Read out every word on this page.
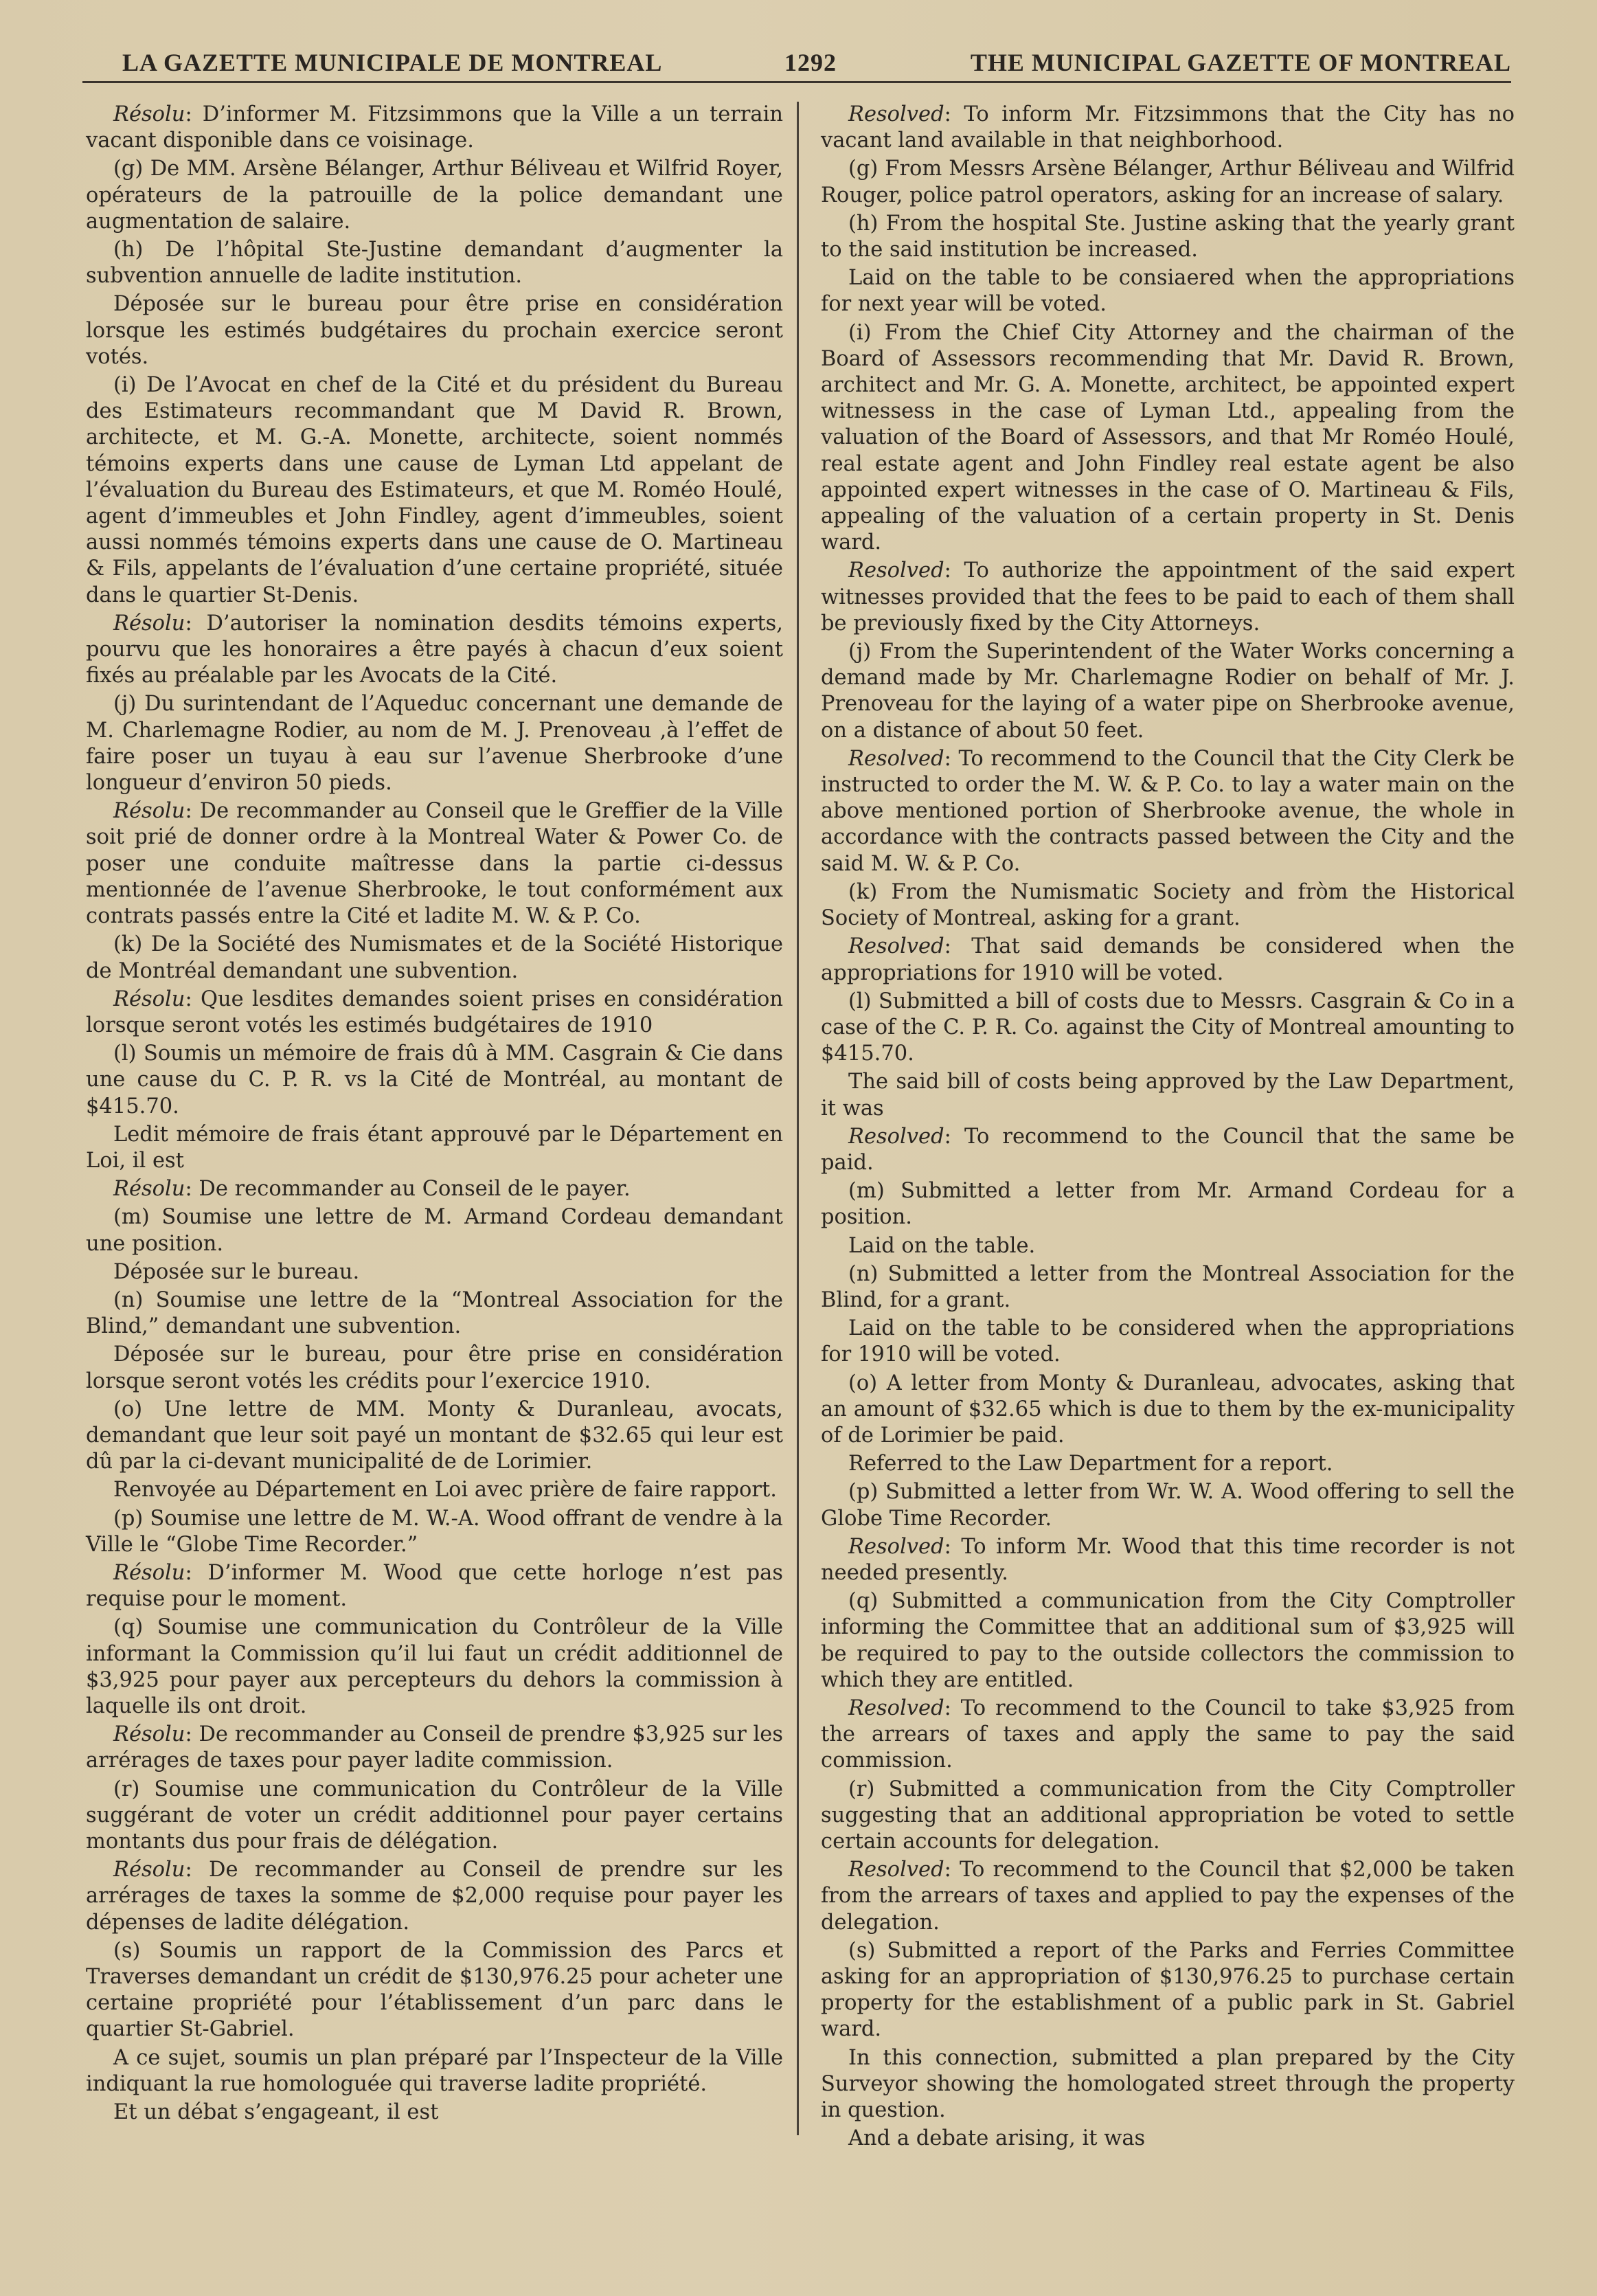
LA GAZETTE MUNICIPALE DE MONTREAL	1292	THE MUNICIPAL GAZETTE OF MONTREAL

Résolu: D’informer M. Fitzsimmons que la Ville a un terrain vacant disponible dans ce voisinage.

(g) De MM. Arsène Bélanger, Arthur Béliveau et Wilfrid Royer, opérateurs de la patrouille de la police demandant une augmentation de salaire.

(h) De l’hôpital Ste-Justine demandant d’augmenter la subvention annuelle de ladite institution.

Déposée sur le bureau pour être prise en considération lorsque les estimés budgétaires du prochain exercice seront votés.

(i) De l’Avocat en chef de la Cité et du président du Bureau des Estimateurs recommandant que M David R. Brown, architecte, et M. G.-A. Monette, architecte, soient nommés témoins experts dans une cause de Lyman Ltd appelant de l’évaluation du Bureau des Estimateurs, et que M. Roméo Houlé, agent d’immeubles et John Findley, agent d’immeubles, soient aussi nommés témoins experts dans une cause de O. Martineau & Fils, appelants de l’évaluation d’une certaine propriété, située dans le quartier St-Denis.

Résolu: D’autoriser la nomination desdits témoins experts, pourvu que les honoraires a être payés à chacun d’eux soient fixés au préalable par les Avocats de la Cité.

(j) Du surintendant de l’Aqueduc concernant une demande de M. Charlemagne Rodier, au nom de M. J. Prenoveau ,à l’effet de faire poser un tuyau à eau sur l’avenue Sherbrooke d’une longueur d’environ 50 pieds.

Résolu: De recommander au Conseil que le Greffier de la Ville soit prié de donner ordre à la Montreal Water & Power Co. de poser une conduite maîtresse dans la partie ci-dessus mentionnée de l’avenue Sherbrooke, le tout conformément aux contrats passés entre la Cité et ladite M. W. & P. Co.

(k) De la Société des Numismates et de la Société Historique de Montréal demandant une subvention.

Résolu: Que lesdites demandes soient prises en considération lorsque seront votés les estimés budgétaires de 1910

(l) Soumis un mémoire de frais dû à MM. Casgrain & Cie dans une cause du C. P. R. vs la Cité de Montréal, au montant de $415.70.

Ledit mémoire de frais étant approuvé par le Département en Loi, il est

Résolu: De recommander au Conseil de le payer.

(m) Soumise une lettre de M. Armand Cordeau demandant une position.

Déposée sur le bureau.

(n) Soumise une lettre de la “Montreal Association for the Blind,” demandant une subvention.

Déposée sur le bureau, pour être prise en considération lorsque seront votés les crédits pour l’exercice 1910.

(o) Une lettre de MM. Monty & Duranleau, avocats, demandant que leur soit payé un montant de $32.65 qui leur est dû par la ci-devant municipalité de de Lorimier.

Renvoyée au Département en Loi avec prière de faire rapport.

(p) Soumise une lettre de M. W.-A. Wood offrant de vendre à la Ville le “Globe Time Recorder.”

Résolu: D’informer M. Wood que cette horloge n’est pas requise pour le moment.

(q) Soumise une communication du Contrôleur de la Ville informant la Commission qu’il lui faut un crédit additionnel de $3,925 pour payer aux percepteurs du dehors la commission à laquelle ils ont droit.

Résolu: De recommander au Conseil de prendre $3,925 sur les arrérages de taxes pour payer ladite commission.

(r) Soumise une communication du Contrôleur de la Ville suggérant de voter un crédit additionnel pour payer certains montants dus pour frais de délégation.

Résolu: De recommander au Conseil de prendre sur les arrérages de taxes la somme de $2,000 requise pour payer les dépenses de ladite délégation.

(s) Soumis un rapport de la Commission des Parcs et Traverses demandant un crédit de $130,976.25 pour acheter une certaine propriété pour l’établissement d’un parc dans le quartier St-Gabriel.

A ce sujet, soumis un plan préparé par l’Inspecteur de la Ville indiquant la rue homologuée qui traverse ladite propriété.

Et un débat s’engageant, il est

Resolved: To inform Mr. Fitzsimmons that the City has no vacant land available in that neighborhood.

(g) From Messrs Arsène Bélanger, Arthur Béliveau and Wilfrid Rouger, police patrol operators, asking for an increase of salary.

(h) From the hospital Ste. Justine asking that the yearly grant to the said institution be increased.

Laid on the table to be consiaered when the appropriations for next year will be voted.

(i) From the Chief City Attorney and the chairman of the Board of Assessors recommending that Mr. David R. Brown, architect and Mr. G. A. Monette, architect, be appointed expert witnessess in the case of Lyman Ltd., appealing from the valuation of the Board of Assessors, and that Mr Roméo Houlé, real estate agent and John Findley real estate agent be also appointed expert witnesses in the case of O. Martineau & Fils, appealing of the valuation of a certain property in St. Denis ward.

Resolved: To authorize the appointment of the said expert witnesses provided that the fees to be paid to each of them shall be previously fixed by the City Attorneys.

(j) From the Superintendent of the Water Works concerning a demand made by Mr. Charlemagne Rodier on behalf of Mr. J. Prenoveau for the laying of a water pipe on Sherbrooke avenue, on a distance of about 50 feet.

Resolved: To recommend to the Council that the City Clerk be instructed to order the M. W. & P. Co. to lay a water main on the above mentioned portion of Sherbrooke avenue, the whole in accordance with the contracts passed between the City and the said M. W. & P. Co.

(k) From the Numismatic Society and fròm the Historical Society of Montreal, asking for a grant.

Resolved: That said demands be considered when the appropriations for 1910 will be voted.

(l) Submitted a bill of costs due to Messrs. Casgrain & Co in a case of the C. P. R. Co. against the City of Montreal amounting to $415.70.

The said bill of costs being approved by the Law Department, it was

Resolved: To recommend to the Council that the same be paid.

(m) Submitted a letter from Mr. Armand Cordeau for a position.

Laid on the table.

(n) Submitted a letter from the Montreal Association for the Blind, for a grant.

Laid on the table to be considered when the appropriations for 1910 will be voted.

(o) A letter from Monty & Duranleau, advocates, asking that an amount of $32.65 which is due to them by the ex-municipality of de Lorimier be paid.

Referred to the Law Department for a report.

(p) Submitted a letter from Wr. W. A. Wood offering to sell the Globe Time Recorder.

Resolved: To inform Mr. Wood that this time recorder is not needed presently.

(q) Submitted a communication from the City Comptroller informing the Committee that an additional sum of $3,925 will be required to pay to the outside collectors the commission to which they are entitled.

Resolved: To recommend to the Council to take $3,925 from the arrears of taxes and apply the same to pay the said commission.

(r) Submitted a communication from the City Comptroller suggesting that an additional appropriation be voted to settle certain accounts for delegation.

Resolved: To recommend to the Council that $2,000 be taken from the arrears of taxes and applied to pay the expenses of the delegation.

(s) Submitted a report of the Parks and Ferries Committee asking for an appropriation of $130,976.25 to purchase certain property for the establishment of a public park in St. Gabriel ward.

In this connection, submitted a plan prepared by the City Surveyor showing the homologated street through the property in question.

And a debate arising, it was
